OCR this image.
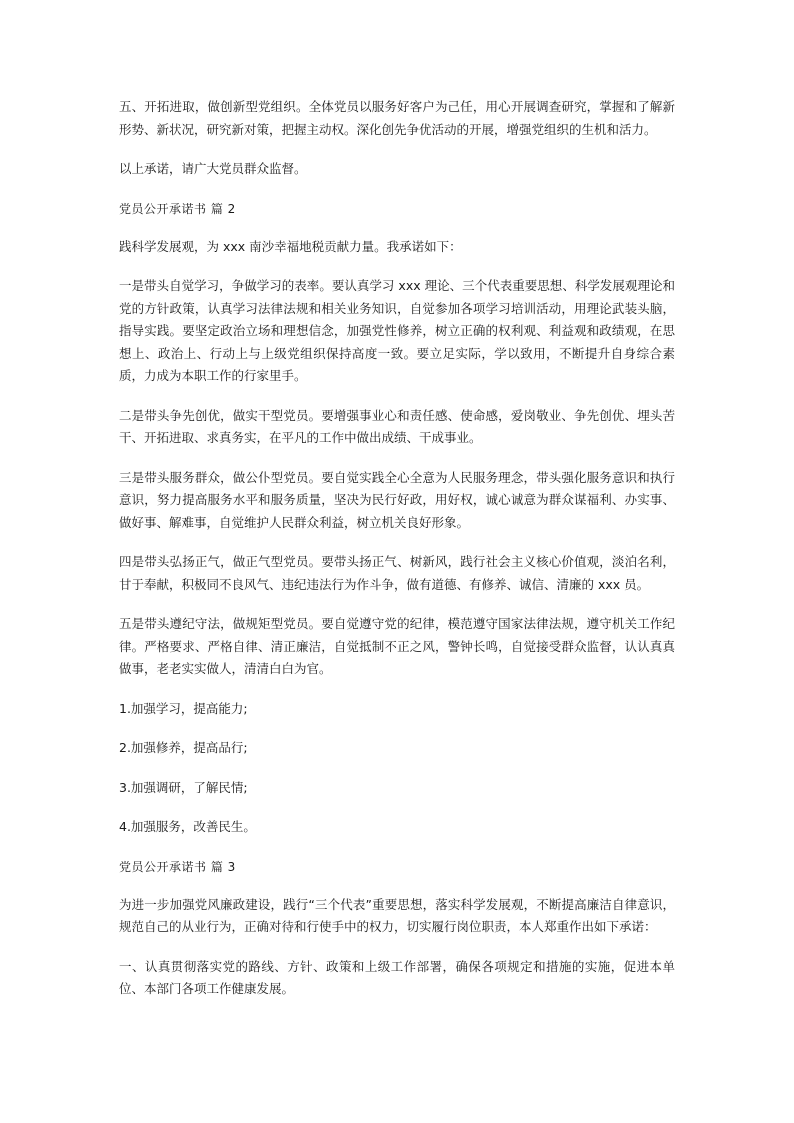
五、开拓进取，做创新型党组织。全体党员以服务好客户为己任，用心开展调查研究，掌握和了解新形势、新状况，研究新对策，把握主动权。深化创先争优活动的开展，增强党组织的生机和活力。

以上承诺，请广大党员群众监督。

党员公开承诺书 篇 2

践科学发展观，为 xxx 南沙幸福地税贡献力量。我承诺如下：

一是带头自觉学习，争做学习的表率。要认真学习 xxx 理论、三个代表重要思想、科学发展观理论和党的方针政策，认真学习法律法规和相关业务知识，自觉参加各项学习培训活动，用理论武装头脑，指导实践。要坚定政治立场和理想信念，加强党性修养，树立正确的权利观、利益观和政绩观，在思想上、政治上、行动上与上级党组织保持高度一致。要立足实际，学以致用，不断提升自身综合素质，力成为本职工作的行家里手。

二是带头争先创优，做实干型党员。要增强事业心和责任感、使命感，爱岗敬业、争先创优、埋头苦干、开拓进取、求真务实，在平凡的工作中做出成绩、干成事业。

三是带头服务群众，做公仆型党员。要自觉实践全心全意为人民服务理念，带头强化服务意识和执行意识，努力提高服务水平和服务质量，坚决为民行好政，用好权，诚心诚意为群众谋福利、办实事、做好事、解难事，自觉维护人民群众利益，树立机关良好形象。

四是带头弘扬正气，做正气型党员。要带头扬正气、树新风，践行社会主义核心价值观，淡泊名利，甘于奉献，积极同不良风气、违纪违法行为作斗争，做有道德、有修养、诚信、清廉的 xxx 员。

五是带头遵纪守法，做规矩型党员。要自觉遵守党的纪律，模范遵守国家法律法规，遵守机关工作纪律。严格要求、严格自律、清正廉洁，自觉抵制不正之风，警钟长鸣，自觉接受群众监督，认认真真做事，老老实实做人，清清白白为官。

1.加强学习，提高能力;

2.加强修养，提高品行;

3.加强调研，了解民情;

4.加强服务，改善民生。

党员公开承诺书 篇 3

为进一步加强党风廉政建设，践行“三个代表”重要思想，落实科学发展观，不断提高廉洁自律意识，规范自己的从业行为，正确对待和行使手中的权力，切实履行岗位职责，本人郑重作出如下承诺：

一、认真贯彻落实党的路线、方针、政策和上级工作部署，确保各项规定和措施的实施，促进本单位、本部门各项工作健康发展。
